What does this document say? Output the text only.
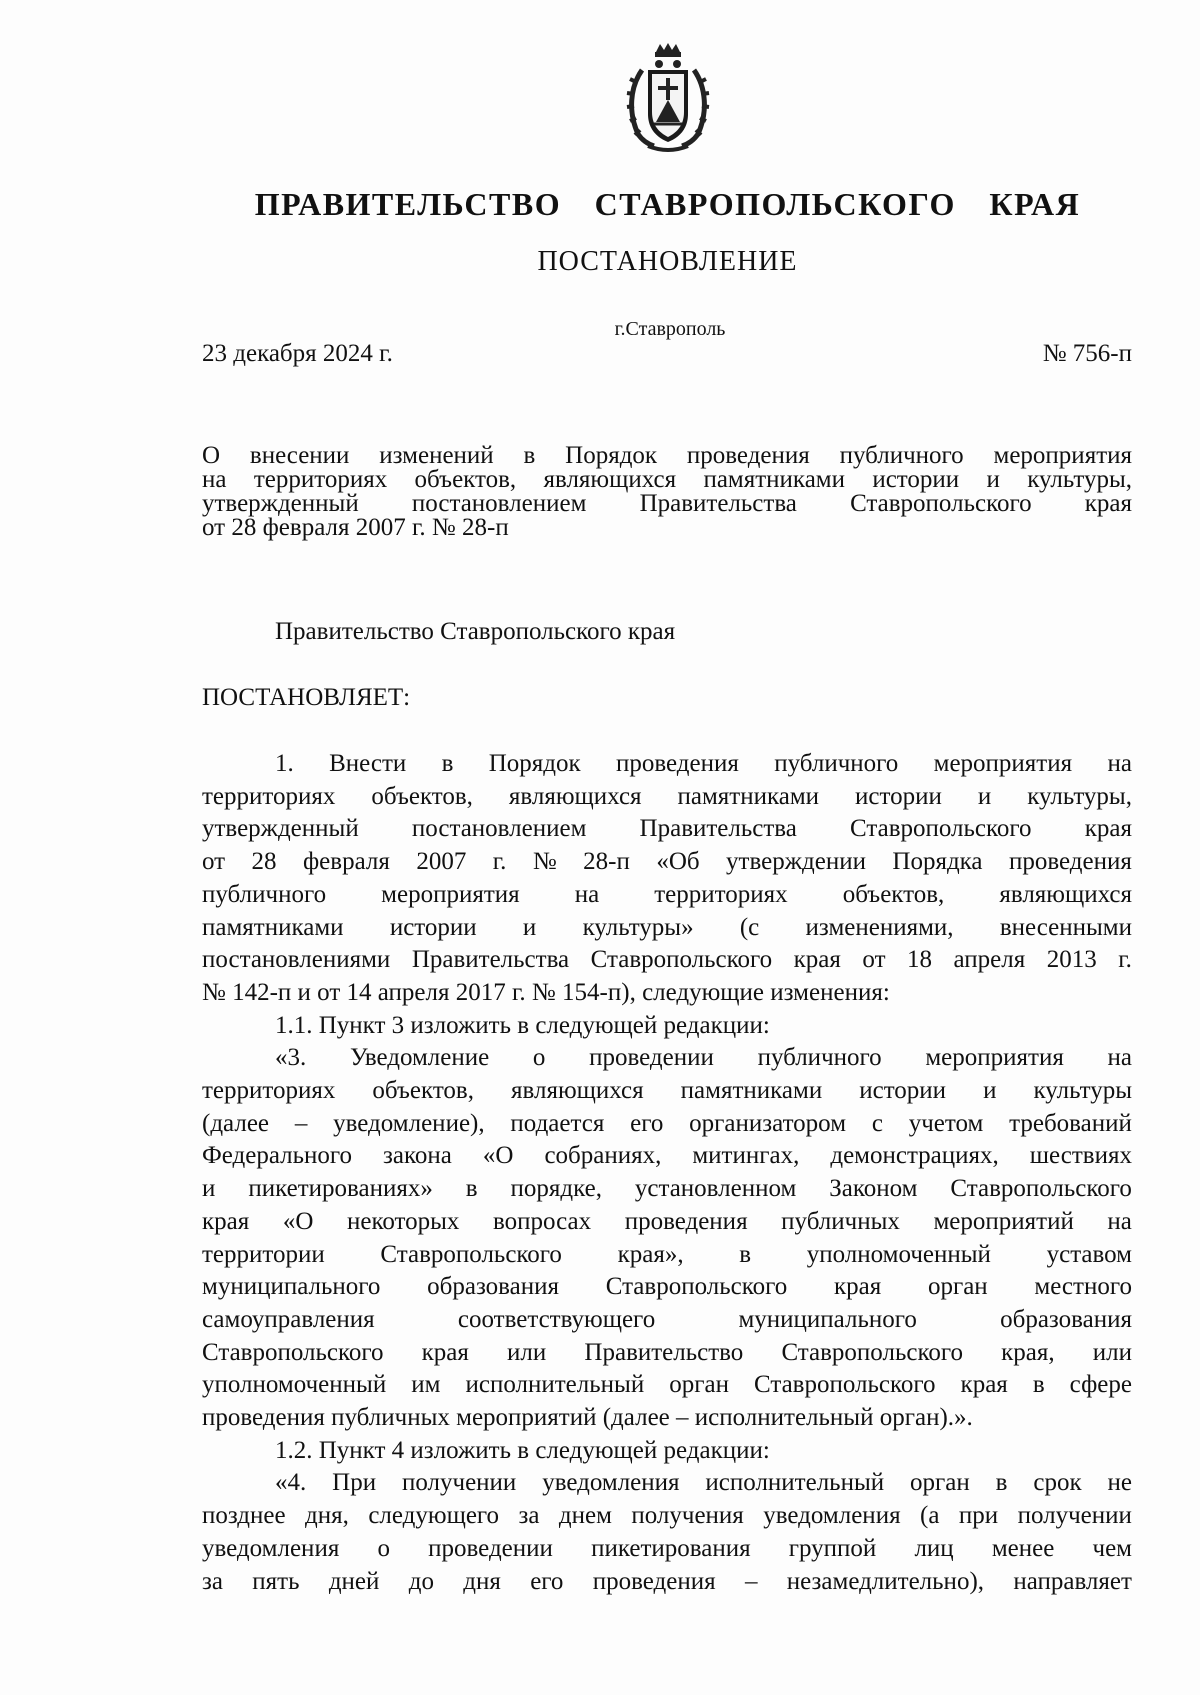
ПРАВИТЕЛЬСТВО СТАВРОПОЛЬСКОГО КРАЯ
ПОСТАНОВЛЕНИЕ
г.Ставрополь
23 декабря 2024 г.	№ 756-п
О внесении изменений в Порядок проведения публичного мероприятия
на территориях объектов, являющихся памятниками истории и культуры,
утвержденный постановлением Правительства Ставропольского края
от 28 февраля 2007 г. № 28-п
Правительство Ставропольского края
ПОСТАНОВЛЯЕТ:
1. Внести в Порядок проведения публичного мероприятия на
территориях объектов, являющихся памятниками истории и культуры,
утвержденный постановлением Правительства Ставропольского края
от 28 февраля 2007 г. № 28-п «Об утверждении Порядка проведения
публичного мероприятия на территориях объектов, являющихся
памятниками истории и культуры» (с изменениями, внесенными
постановлениями Правительства Ставропольского края от 18 апреля 2013 г.
№ 142-п и от 14 апреля 2017 г. № 154-п), следующие изменения:
1.1. Пункт 3 изложить в следующей редакции:
«3. Уведомление о проведении публичного мероприятия на
территориях объектов, являющихся памятниками истории и культуры
(далее – уведомление), подается его организатором с учетом требований
Федерального закона «О собраниях, митингах, демонстрациях, шествиях
и пикетированиях» в порядке, установленном Законом Ставропольского
края «О некоторых вопросах проведения публичных мероприятий на
территории Ставропольского края», в уполномоченный уставом
муниципального образования Ставропольского края орган местного
самоуправления	соответствующего	муниципального	образования
Ставропольского края или Правительство Ставропольского края, или
уполномоченный им исполнительный орган Ставропольского края в сфере
проведения публичных мероприятий (далее – исполнительный орган).».
1.2. Пункт 4 изложить в следующей редакции:
«4. При получении уведомления исполнительный орган в срок не
позднее дня, следующего за днем получения уведомления (а при получении
уведомления о проведении пикетирования группой лиц менее чем
за пять дней до дня его проведения – незамедлительно), направляет
